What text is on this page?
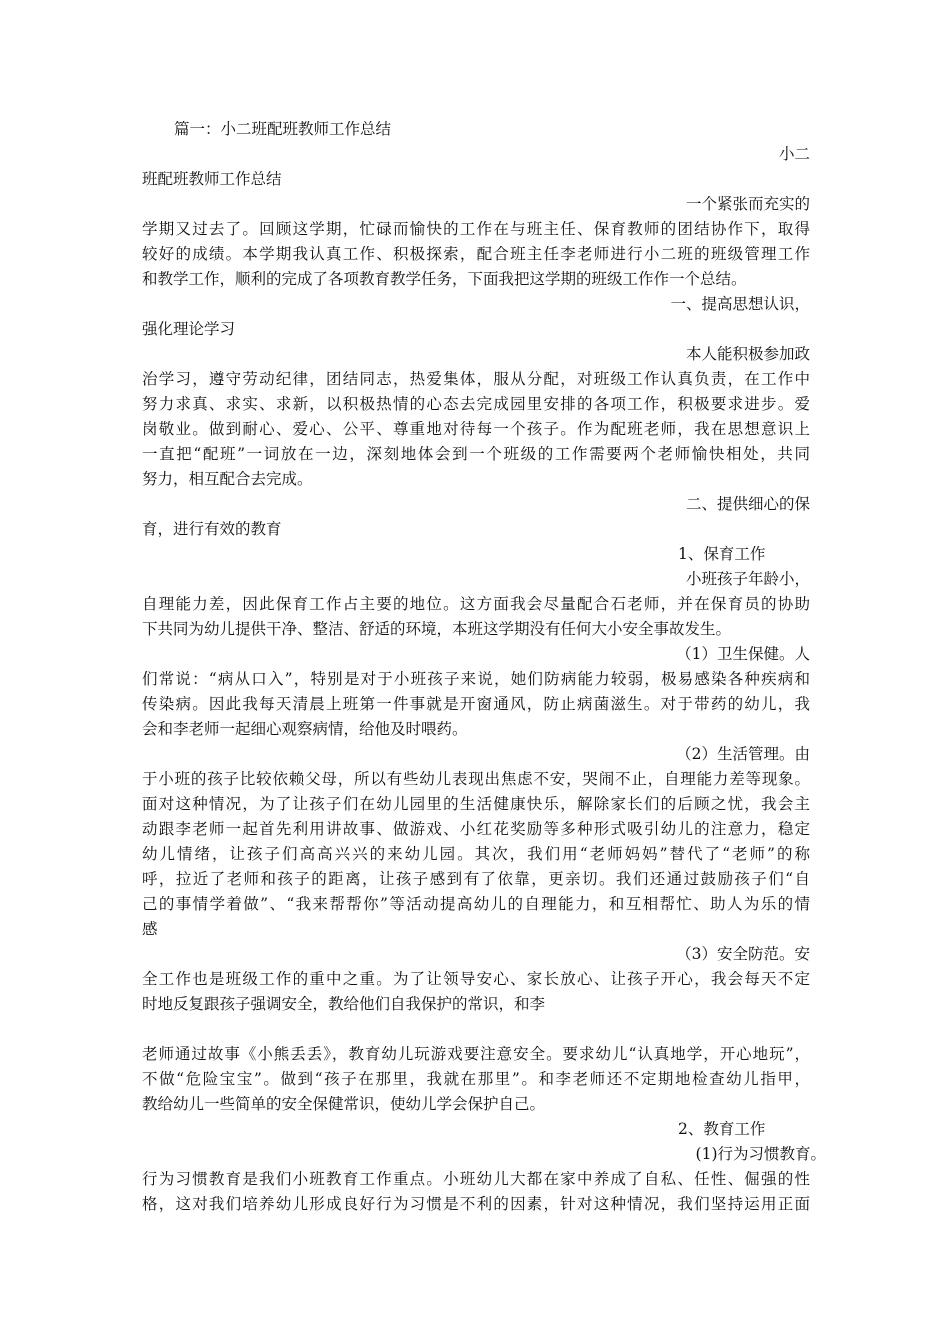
篇一：小二班配班教师工作总结

小二

班配班教师工作总结

一个紧张而充实的

学期又过去了。回顾这学期，忙碌而愉快的工作在与班主任、保育教师的团结协作下，取得

较好的成绩。本学期我认真工作、积极探索，配合班主任李老师进行小二班的班级管理工作

和教学工作，顺利的完成了各项教育教学任务，下面我把这学期的班级工作作一个总结。

一、提高思想认识，

强化理论学习

本人能积极参加政

治学习，遵守劳动纪律，团结同志，热爱集体，服从分配，对班级工作认真负责，在工作中

努力求真、求实、求新，以积极热情的心态去完成园里安排的各项工作，积极要求进步。爱

岗敬业。做到耐心、爱心、公平、尊重地对待每一个孩子。作为配班老师，我在思想意识上

一直把“配班”一词放在一边，深刻地体会到一个班级的工作需要两个老师愉快相处，共同

努力，相互配合去完成。

二、提供细心的保

育，进行有效的教育

1、保育工作

小班孩子年龄小，

自理能力差，因此保育工作占主要的地位。这方面我会尽量配合石老师，并在保育员的协助

下共同为幼儿提供干净、整洁、舒适的环境，本班这学期没有任何大小安全事故发生。

（1）卫生保健。人

们常说：“病从口入”，特别是对于小班孩子来说，她们防病能力较弱，极易感染各种疾病和

传染病。因此我每天清晨上班第一件事就是开窗通风，防止病菌滋生。对于带药的幼儿，我

会和李老师一起细心观察病情，给他及时喂药。

（2）生活管理。由

于小班的孩子比较依赖父母，所以有些幼儿表现出焦虑不安，哭闹不止，自理能力差等现象。

面对这种情况，为了让孩子们在幼儿园里的生活健康快乐，解除家长们的后顾之忧，我会主

动跟李老师一起首先利用讲故事、做游戏、小红花奖励等多种形式吸引幼儿的注意力，稳定

幼儿情绪，让孩子们高高兴兴的来幼儿园。其次，我们用“老师妈妈”替代了“老师”的称

呼，拉近了老师和孩子的距离，让孩子感到有了依靠，更亲切。我们还通过鼓励孩子们“自

己的事情学着做”、“我来帮帮你”等活动提高幼儿的自理能力，和互相帮忙、助人为乐的情

感

（3）安全防范。安

全工作也是班级工作的重中之重。为了让领导安心、家长放心、让孩子开心，我会每天不定

时地反复跟孩子强调安全，教给他们自我保护的常识，和李

老师通过故事《小熊丢丢》，教育幼儿玩游戏要注意安全。要求幼儿“认真地学，开心地玩”，

不做“危险宝宝”。做到“孩子在那里，我就在那里”。和李老师还不定期地检查幼儿指甲，

教给幼儿一些简单的安全保健常识，使幼儿学会保护自己。

2、教育工作

(1)行为习惯教育。

行为习惯教育是我们小班教育工作重点。小班幼儿大都在家中养成了自私、任性、倔强的性

格，这对我们培养幼儿形成良好行为习惯是不利的因素，针对这种情况，我们坚持运用正面
